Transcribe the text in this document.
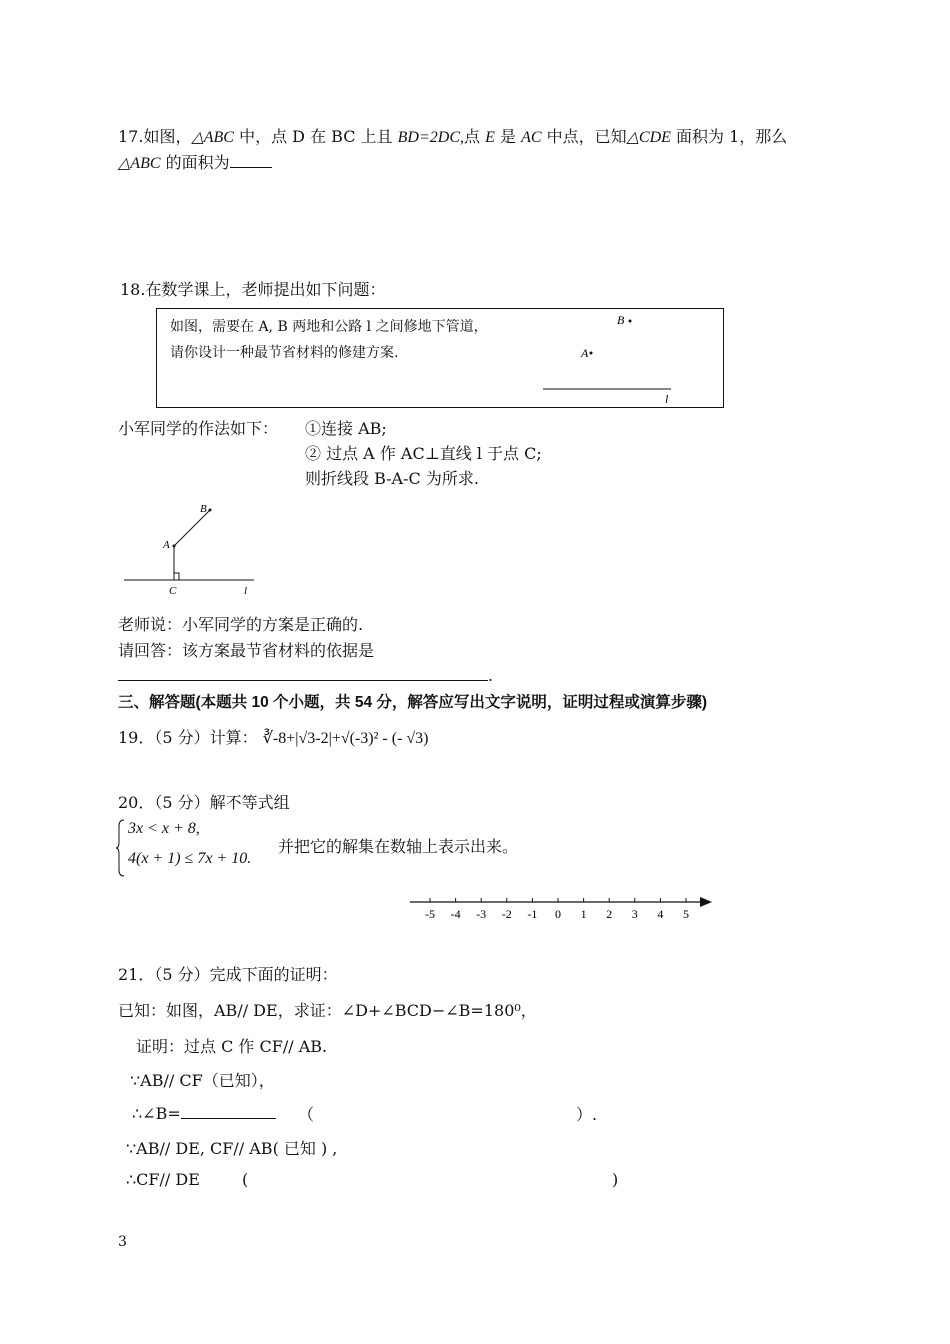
17.如图，△ABC 中，点 D 在 BC 上且 BD=2DC,点 E 是 AC 中点，已知△CDE 面积为 1，那么
△ABC 的面积为
18.在数学课上，老师提出如下问题：
如图，需要在 A, B 两地和公路 l 之间修地下管道，
请你设计一种最节省材料的修建方案.
B
A
l
小军同学的作法如下： ①连接 AB;
② 过点 A 作 AC⊥直线 l 于点 C;
则折线段 B-A-C 为所求.
B
A
C	l
老师说：小军同学的方案是正确的.
请回答：该方案最节省材料的依据是
.
三、解答题(本题共 10 个小题，共 54 分，解答应写出文字说明，证明过程或演算步骤)
19．（5 分）计算： ∛-8+|√3-2|+√(-3)² - (- √3)
20．（5 分）解不等式组
3x < x + 8,
4(x + 1) ≤ 7x + 10.
并把它的解集在数轴上表示出来。
-5 -4 -3 -2 -1 0 1 2 3 4 5
21．（5 分）完成下面的证明：
已知：如图，AB// DE，求证：∠D+∠BCD−∠B=180⁰，
证明：过点 C 作 CF// AB.
∵AB// CF（已知），
∴∠B=	（	）.
∵AB// DE, CF// AB( 已知 ) ,
∴CF// DE	(	)
3
